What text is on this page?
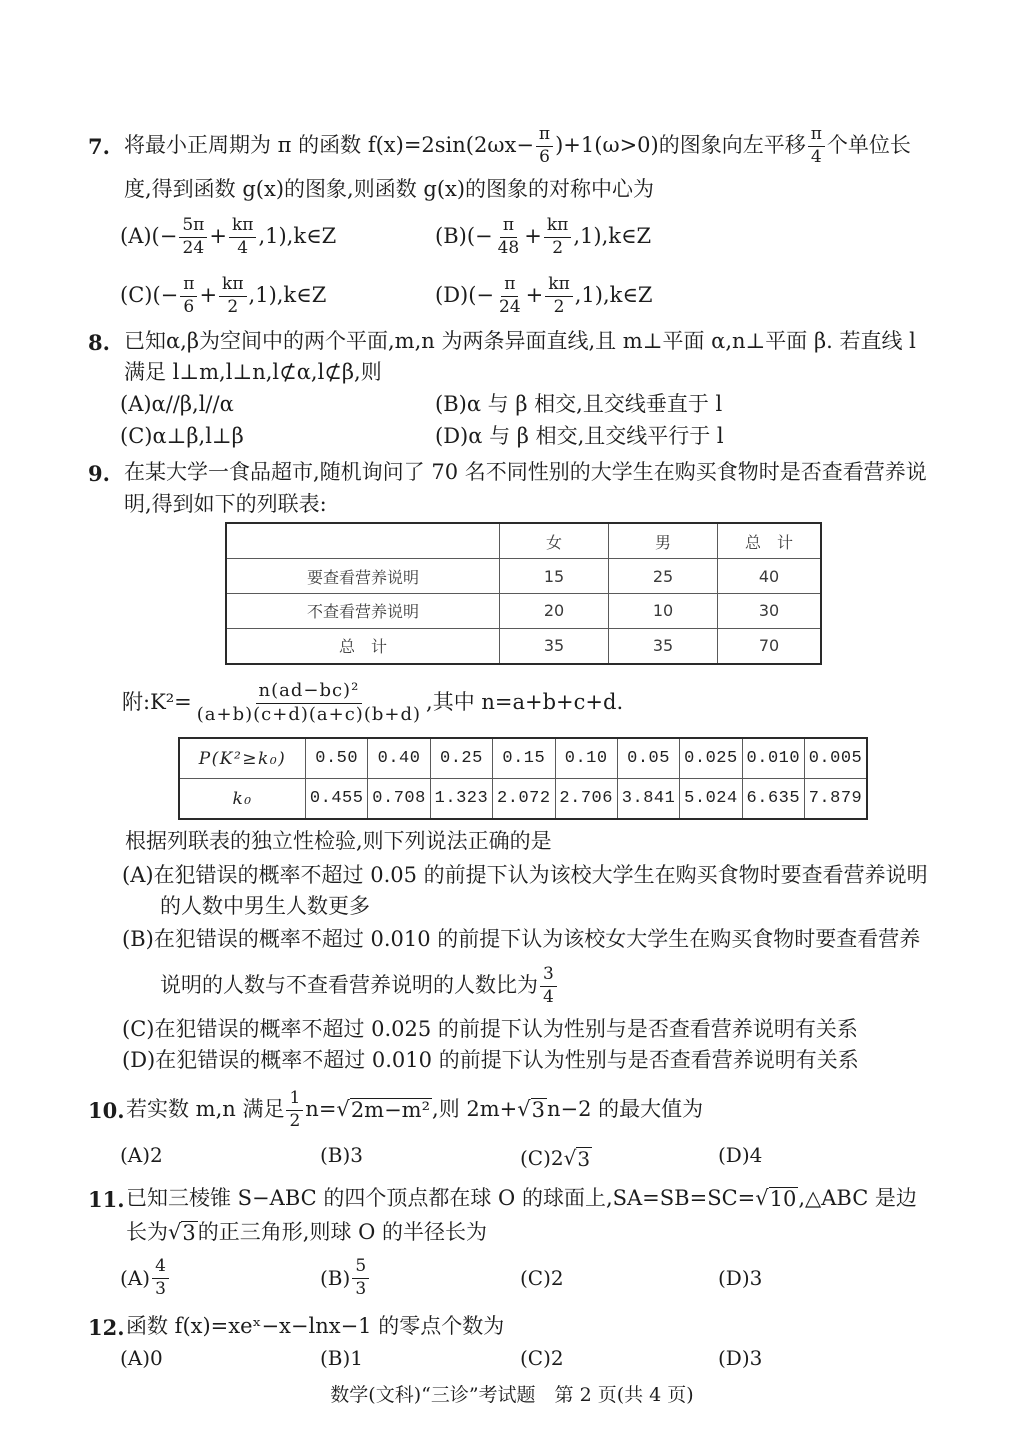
7. 将最小正周期为 π 的函数 $f(x)=2\sin(2\omega x- \frac{\pi}{6} )+1(\omega>0)$的图象向左平移 $\frac{\pi}{4}$ 个单位长
度,得到函数 g(x)的图象,则函数 g(x)的图象的对称中心为
$(A)(- \frac{5\pi}{24} + \frac{k\pi}{4}$ ,1),k∈Z	$(B)(- \frac{\pi}{48} + \frac{k\pi}{2}$ ,1),k∈Z
$(C)(- \frac{\pi}{6} + \frac{k\pi}{2}$ ,1),k∈Z	$(D)(- \frac{\pi}{24} + \frac{k\pi}{2}$ ,1),k∈Z
8. 已知α,β为空间中的两个平面,m,n 为两条异面直线,且 m⊥平面 α,n⊥平面 β. 若直线 l
满足 l⊥m,l⊥n,l⊄α,l⊄β,则
(A)α//β,l//α	(B)α 与 β 相交,且交线垂直于 l
(C)α⊥β,l⊥β	(D)α 与 β 相交,且交线平行于 l
9. 在某大学一食品超市,随机询问了 70 名不同性别的大学生在购买食物时是否查看营养说
明,得到如下的列联表:
	女	男	总　计
要查看营养说明	15	25	40
不查看营养说明	20	10	30
总　计	35	35	70
附:K²= $\frac{\text{n(ad−bc)²}}{(a+b)(c+d)(a+c)(b+d)}$ ,其中 n=a+b+c+d.
P(K²≥k₀)	0.50	0.40	0.25	0.15	0.10	0.05	0.025	0.010	0.005
k₀	0.455	0.708	1.323	2.072	2.706	3.841	5.024	6.635	7.879
根据列联表的独立性检验,则下列说法正确的是
(A)在犯错误的概率不超过 0.05 的前提下认为该校大学生在购买食物时要查看营养说明
的人数中男生人数更多
(B)在犯错误的概率不超过 0.010 的前提下认为该校女大学生在购买食物时要查看营养
说明的人数与不查看营养说明的人数比为 $\frac{3}{4}$
(C)在犯错误的概率不超过 0.025 的前提下认为性别与是否查看营养说明有关系
(D)在犯错误的概率不超过 0.010 的前提下认为性别与是否查看营养说明有关系
10. 若实数 m,n 满足 $\frac{1}{2} n=$ √ 2m−m² ,则 2m+ √ 3 n−2 的最大值为
(A)2	(B)3	(C)2 √ 3	(D)4
11. 已知三棱锥 S−ABC 的四个顶点都在球 O 的球面上,SA=SB=SC= √ 10 ,△ABC 是边
长为 √ 3 的正三角形,则球 O 的半径长为
$(A) \frac{4}{3}$	$(B) \frac{5}{3}$	(C)2	(D)3
12. 函数 f(x)=xeˣ−x−lnx−1 的零点个数为
(A)0	(B)1	(C)2	(D)3
数学(文科)“三诊”考试题　第 2 页(共 4 页)
